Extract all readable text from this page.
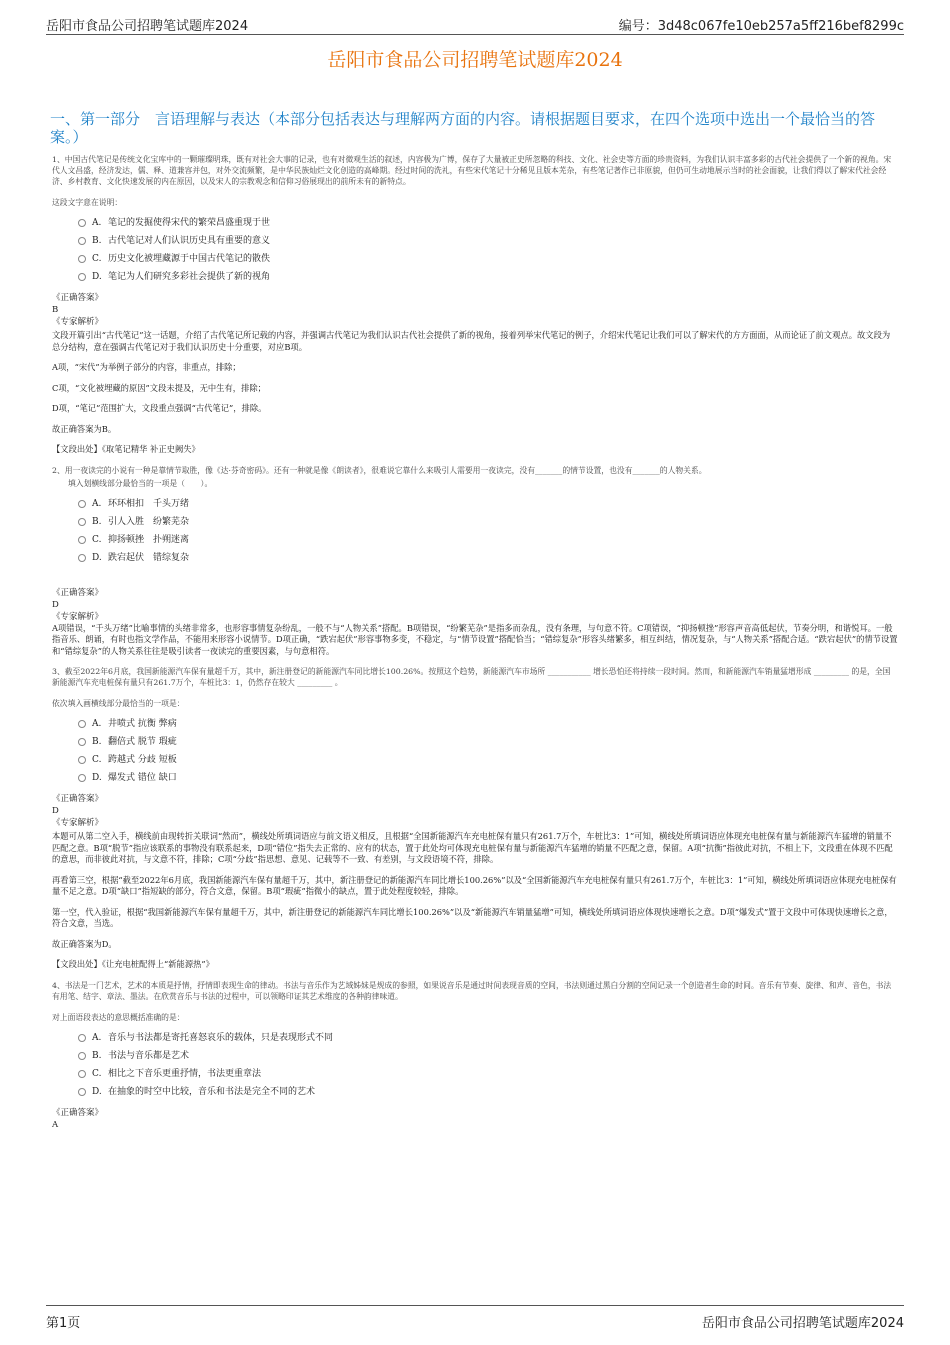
岳阳市食品公司招聘笔试题库2024	编号：3d48c067fe10eb257a5ff216bef8299c
岳阳市食品公司招聘笔试题库2024
一、第一部分　言语理解与表达（本部分包括表达与理解两方面的内容。请根据题目要求，在四个选项中选出一个最恰当的答案。）
1、中国古代笔记是传统文化宝库中的一颗璀璨明珠，既有对社会大事的记录，也有对微观生活的叙述，内容极为广博，保存了大量被正史所忽略的科技、文化、社会史等方面的珍贵资料，为我们认识丰富多彩的古代社会提供了一个新的视角。宋代人文昌盛，经济发达，儒、释、道兼容并包，对外交流频繁，是中华民族灿烂文化创造的高峰期。经过时间的洗礼，有些宋代笔记十分稀见且版本芜杂，有些笔记著作已非原貌，但仍可生动地展示当时的社会面貌，让我们得以了解宋代社会经济、乡村教育、文化快速发展的内在原因，以及宋人的宗教观念和信仰习俗展现出的前所未有的新特点。
这段文字意在说明：
A. 笔记的发掘使得宋代的繁荣昌盛重现于世
B. 古代笔记对人们认识历史具有重要的意义
C. 历史文化被埋藏源于中国古代笔记的散佚
D. 笔记为人们研究多彩社会提供了新的视角
《正确答案》
B
《专家解析》
文段开篇引出“古代笔记”这一话题，介绍了古代笔记所记载的内容，并强调古代笔记为我们认识古代社会提供了新的视角，接着列举宋代笔记的例子，介绍宋代笔记让我们可以了解宋代的方方面面，从而论证了前文观点。故文段为总分结构，意在强调古代笔记对于我们认识历史十分重要，对应B项。
A项，“宋代”为举例子部分的内容，非重点，排除；
C项，“文化被埋藏的原因”文段未提及，无中生有，排除；
D项，“笔记”范围扩大，文段重点强调“古代笔记”，排除。
故正确答案为B。
【文段出处】《取笔记精华 补正史阙失》
2、用一夜读完的小说有一种是靠情节取胜，像《达·芬奇密码》。还有一种就是像《朗读者》，很难说它靠什么来吸引人需要用一夜读完，没有_______的情节设置，也没有_______的人物关系。
填入划横线部分最恰当的一项是（　　）。
A. 环环相扣　千头万绪
B. 引人入胜　纷繁芜杂
C. 抑扬顿挫　扑朔迷离
D. 跌宕起伏　错综复杂
《正确答案》
D
《专家解析》
A项错误，“千头万绪”比喻事情的头绪非常多，也形容事情复杂纷乱，一般不与“人物关系”搭配。B项错误，“纷繁芜杂”是指多而杂乱，没有条理，与句意不符。C项错误，“抑扬顿挫”形容声音高低起伏，节奏分明，和谐悦耳。一般指音乐、朗诵，有时也指文学作品，不能用来形容小说情节。D项正确，“跌宕起伏”形容事物多变，不稳定，与“情节设置”搭配恰当；“错综复杂”形容头绪繁多，相互纠结，情况复杂，与“人物关系”搭配合适。“跌宕起伏”的情节设置和“错综复杂”的人物关系往往是吸引读者一夜读完的重要因素，与句意相符。
3、截至2022年6月底，我国新能源汽车保有量超千万，其中，新注册登记的新能源汽车同比增长100.26%。按照这个趋势，新能源汽车市场所 ___________ 增长恐怕还将持续一段时间。然而，和新能源汽车销量猛增形成 _________ 的是，全国新能源汽车充电桩保有量只有261.7万个，车桩比3：1，仍然存在较大 _________ 。
依次填入画横线部分最恰当的一项是：
A. 井喷式 抗衡 弊病
B. 翻倍式 脱节 瑕疵
C. 跨越式 分歧 短板
D. 爆发式 错位 缺口
《正确答案》
D
《专家解析》
本题可从第二空入手，横线前由现转折关联词“然而”，横线处所填词语应与前文语义相反，且根据“全国新能源汽车充电桩保有量只有261.7万个，车桩比3：1”可知，横线处所填词语应体现充电桩保有量与新能源汽车猛增的销量不匹配之意。B项“脱节”指应该联系的事物没有联系起来，D项“错位”指失去正常的、应有的状态，置于此处均可体现充电桩保有量与新能源汽车猛增的销量不匹配之意，保留。A项“抗衡”指彼此对抗，不相上下，文段重在体现不匹配的意思，而非彼此对抗，与文意不符，排除；C项“分歧”指思想、意见、记载等不一致、有差别，与文段语境不符，排除。
再看第三空，根据“截至2022年6月底，我国新能源汽车保有量超千万，其中，新注册登记的新能源汽车同比增长100.26%”以及“全国新能源汽车充电桩保有量只有261.7万个，车桩比3：1”可知，横线处所填词语应体现充电桩保有量不足之意。D项“缺口”指短缺的部分，符合文意，保留。B项“瑕疵”指微小的缺点，置于此处程度较轻，排除。
第一空，代入验证，根据“我国新能源汽车保有量超千万，其中，新注册登记的新能源汽车同比增长100.26%”以及“新能源汽车销量猛增”可知，横线处所填词语应体现快速增长之意。D项“爆发式”置于文段中可体现快速增长之意，符合文意，当选。
故正确答案为D。
【文段出处】《让充电桩配得上“新能源热”》
4、书法是一门艺术，艺术的本质是抒情，抒情即表现生命的律动。书法与音乐作为艺域姊妹是规成的参照，如果说音乐是通过时间表现音质的空间，书法则通过黑白分割的空间记录一个创造者生命的时间。音乐有节奏、旋律、和声、音色，书法有用笔、结字、章法、墨法。在欣赏音乐与书法的过程中，可以领略印证其艺术维度的各种韵律味道。
对上面语段表达的意思概括准确的是：
A. 音乐与书法都是寄托喜怒哀乐的载体，只是表现形式不同
B. 书法与音乐都是艺术
C. 相比之下音乐更重抒情，书法更重章法
D. 在抽象的时空中比较，音乐和书法是完全不同的艺术
《正确答案》
A
第1页	岳阳市食品公司招聘笔试题库2024
